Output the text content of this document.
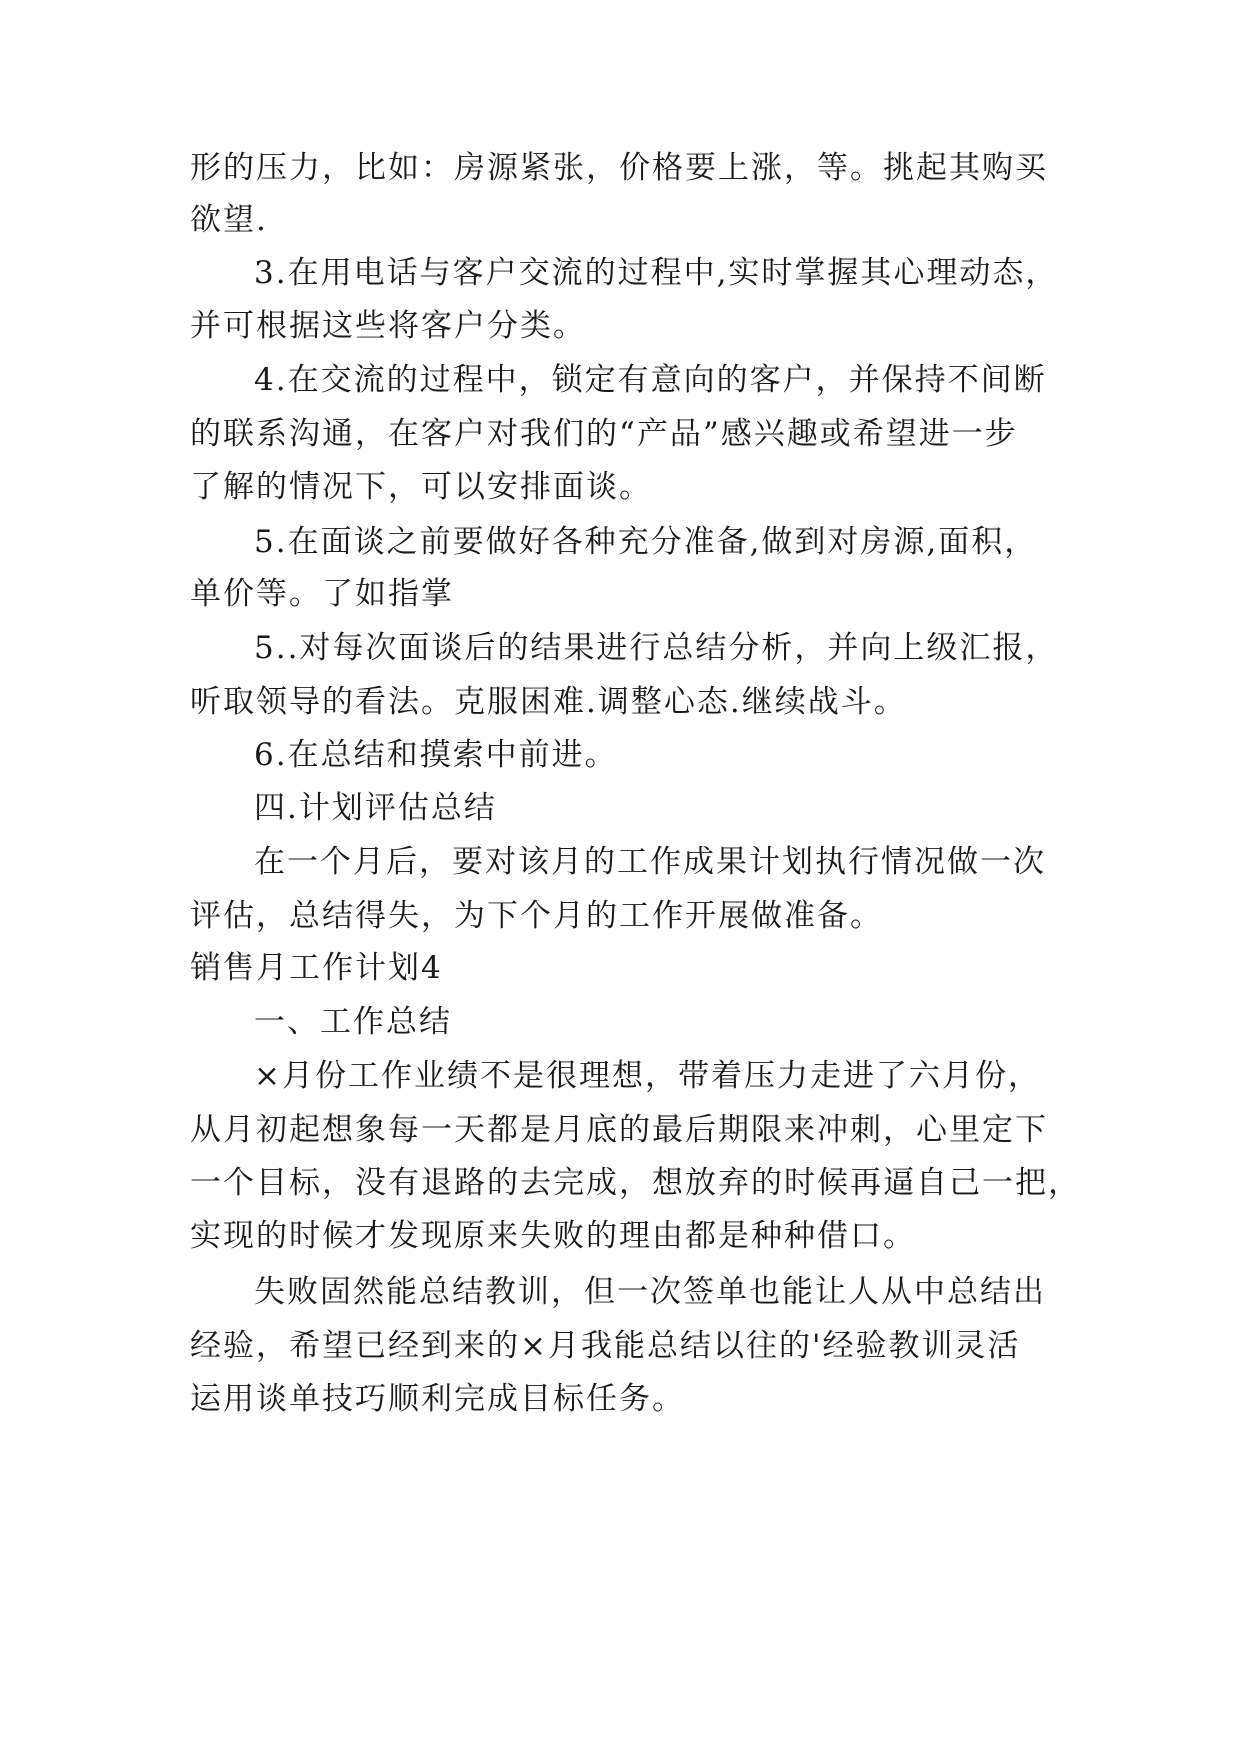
形的压力，比如：房源紧张，价格要上涨，等。挑起其购买
欲望.
3.在用电话与客户交流的过程中,实时掌握其心理动态，
并可根据这些将客户分类。
4.在交流的过程中，锁定有意向的客户，并保持不间断
的联系沟通，在客户对我们的“产品”感兴趣或希望进一步
了解的情况下，可以安排面谈。
5.在面谈之前要做好各种充分准备,做到对房源,面积，
单价等。了如指掌
5..对每次面谈后的结果进行总结分析，并向上级汇报，
听取领导的看法。克服困难.调整心态.继续战斗。
6.在总结和摸索中前进。
四.计划评估总结
在一个月后，要对该月的工作成果计划执行情况做一次
评估，总结得失，为下个月的工作开展做准备。
销售月工作计划4
一、工作总结
×月份工作业绩不是很理想，带着压力走进了六月份，
从月初起想象每一天都是月底的最后期限来冲刺，心里定下
一个目标，没有退路的去完成，想放弃的时候再逼自己一把，
实现的时候才发现原来失败的理由都是种种借口。
失败固然能总结教训，但一次签单也能让人从中总结出
经验，希望已经到来的×月我能总结以往的'经验教训灵活
运用谈单技巧顺利完成目标任务。
